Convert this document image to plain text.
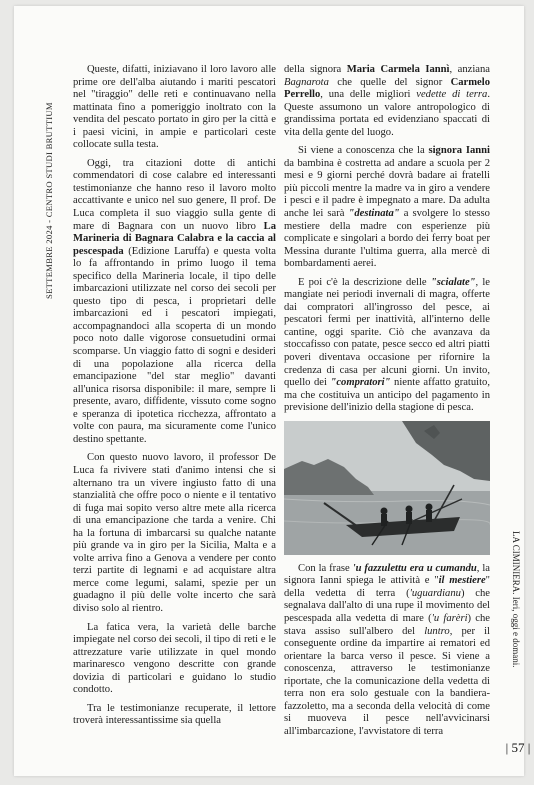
SETTEMBRE 2024 - CENTRO STUDI BRUTTIUM

Queste, difatti, iniziavano il loro lavoro alle prime ore dell'alba aiutando i mariti pescatori nel "tiraggio" delle reti e continuavano nella mattinata fino a pomeriggio inoltrato con la vendita del pescato portato in giro per la città e i paesi vicini, in ampie e particolari ceste collocate sulla testa.

Oggi, tra citazioni dotte di antichi commendatori di cose calabre ed interessanti testimonianze che hanno reso il lavoro molto accattivante e unico nel suo genere, Il prof. De Luca completa il suo viaggio sulla gente di mare di Bagnara con un nuovo libro La Marineria di Bagnara Calabra e la caccia al pescespada (Edizione Laruffa) e questa volta lo fa affrontando in primo luogo il tema specifico della Marineria locale, il tipo delle imbarcazioni utilizzate nel corso dei secoli per questo tipo di pesca, i proprietari delle imbarcazioni ed i pescatori impiegati, accompagnandoci alla scoperta di un mondo poco noto dalle vigorose consuetudini ormai scomparse. Un viaggio fatto di sogni e desideri di una popolazione alla ricerca della emancipazione "del star meglio" davanti all'unica risorsa disponibile: il mare, sempre li presente, avaro, diffidente, vissuto come sogno e speranza di ipotetica ricchezza, affrontato a volte con paura, ma sicuramente come l'unico destino spettante.

Con questo nuovo lavoro, il professor De Luca fa rivivere stati d'animo intensi che si alternano tra un vivere ingiusto fatto di una stanzialità che offre poco o niente e il tentativo di fuga mai sopito verso altre mete alla ricerca di una emancipazione che tarda a venire. Chi ha la fortuna di imbarcarsi su qualche natante più grande va in giro per la Sicilia, Malta e a volte arriva fino a Genova a vendere per conto terzi partite di legnami e ad acquistare altra merce come legumi, salami, spezie per un guadagno il più delle volte incerto che sarà diviso solo al rientro.

La fatica vera, la varietà delle barche impiegate nel corso dei secoli, il tipo di reti e le attrezzature varie utilizzate in quel mondo marinaresco vengono descritte con grande dovizia di particolari e guidano lo studio condotto.

Tra le testimonianze recuperate, il lettore troverà interessantissime sia quella

della signora Maria Carmela Iannì, anziana Bagnarota che quelle del signor Carmelo Perrello, una delle migliori vedette di terra. Queste assumono un valore antropologico di grandissima portata ed evidenziano spaccati di vita della gente del luogo.

Si viene a conoscenza che la signora Ianni da bambina è costretta ad andare a scuola per 2 mesi e 9 giorni perché dovrà badare ai fratelli più piccoli mentre la madre va in giro a vendere i pesci e il padre è impegnato a mare. Da adulta anche lei sarà "destinata" a svolgere lo stesso mestiere della madre con esperienze più complicate e singolari a bordo dei ferry boat per Messina durante l'ultima guerra, alla mercè di bombardamenti aerei.

E poi c'è la descrizione delle "scialate", le mangiate nei periodi invernali di magra, offerte dai compratori all'ingrosso del pesce, ai pescatori fermi per inattività, all'interno delle cantine, oggi sparite. Ciò che avanzava da stoccafisso con patate, pesce secco ed altri piatti poveri diventava occasione per rifornire la credenza di casa per alcuni giorni. Un invito, quello dei "compratori" niente affatto gratuito, ma che costituiva un anticipo del pagamento in previsione dell'inizio della stagione di pesca.

Con la frase 'u fazzulettu era u cumandu, la signora Ianni spiega le attività e "il mestiere" della vedetta di terra ('uguardianu) che segnalava dall'alto di una rupe il movimento del pescespada alla vedetta di mare ('u farèri) che stava assiso sull'albero del luntro, per il conseguente ordine da impartire ai rematori ed orientare la barca verso il pesce. Si viene a conoscenza, attraverso le testimonianze riportate, che la comunicazione della vedetta di terra non era solo gestuale con la bandiera-fazzoletto, ma a seconda della velocità di come si muoveva il pesce nell'avvicinarsi all'imbarcazione, l'avvistatore di terra

LA CIMINIERA. Ieri, oggi e domani.
| 57 |
